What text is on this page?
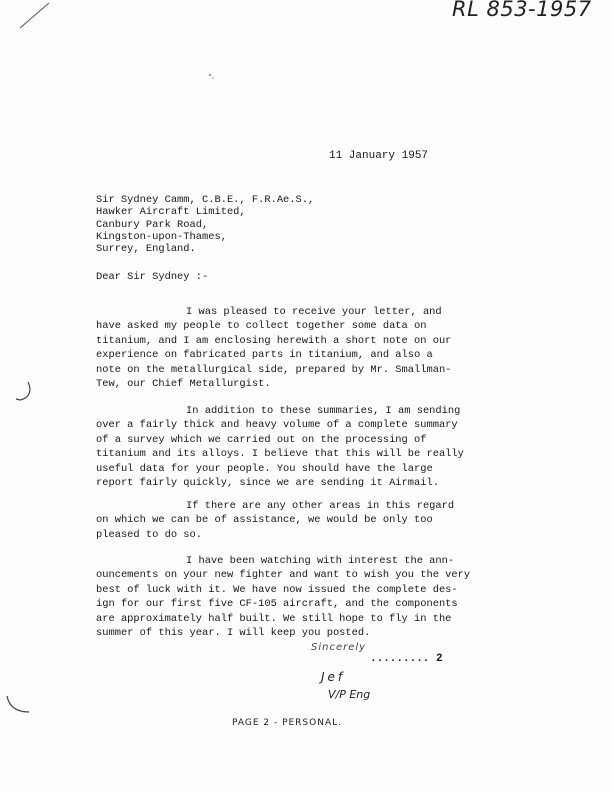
RL 853-1957
11 January 1957
Sir Sydney Camm, C.B.E., F.R.Ae.S.,
Hawker Aircraft Limited,
Canbury Park Road,
Kingston-upon-Thames,
Surrey, England.
Dear Sir Sydney :-
I was pleased to receive your letter, and
have asked my people to collect together some data on
titanium, and I am enclosing herewith a short note on our
experience on fabricated parts in titanium, and also a
note on the metallurgical side, prepared by Mr. Smallman-
Tew, our Chief Metallurgist.
In addition to these summaries, I am sending
over a fairly thick and heavy volume of a complete summary
of a survey which we carried out on the processing of
titanium and its alloys. I believe that this will be really
useful data for your people. You should have the large
report fairly quickly, since we are sending it Airmail.
If there are any other areas in this regard
on which we can be of assistance, we would be only too
pleased to do so.
I have been watching with interest the ann-
ouncements on your new fighter and want to wish you the very
best of luck with it. We have now issued the complete des-
ign for our first five CF-105 aircraft, and the components
are approximately half built. We still hope to fly in the
summer of this year. I will keep you posted.
Sincerely
......... 2
Jef
V/P Eng
PAGE 2 - PERSONAL.
